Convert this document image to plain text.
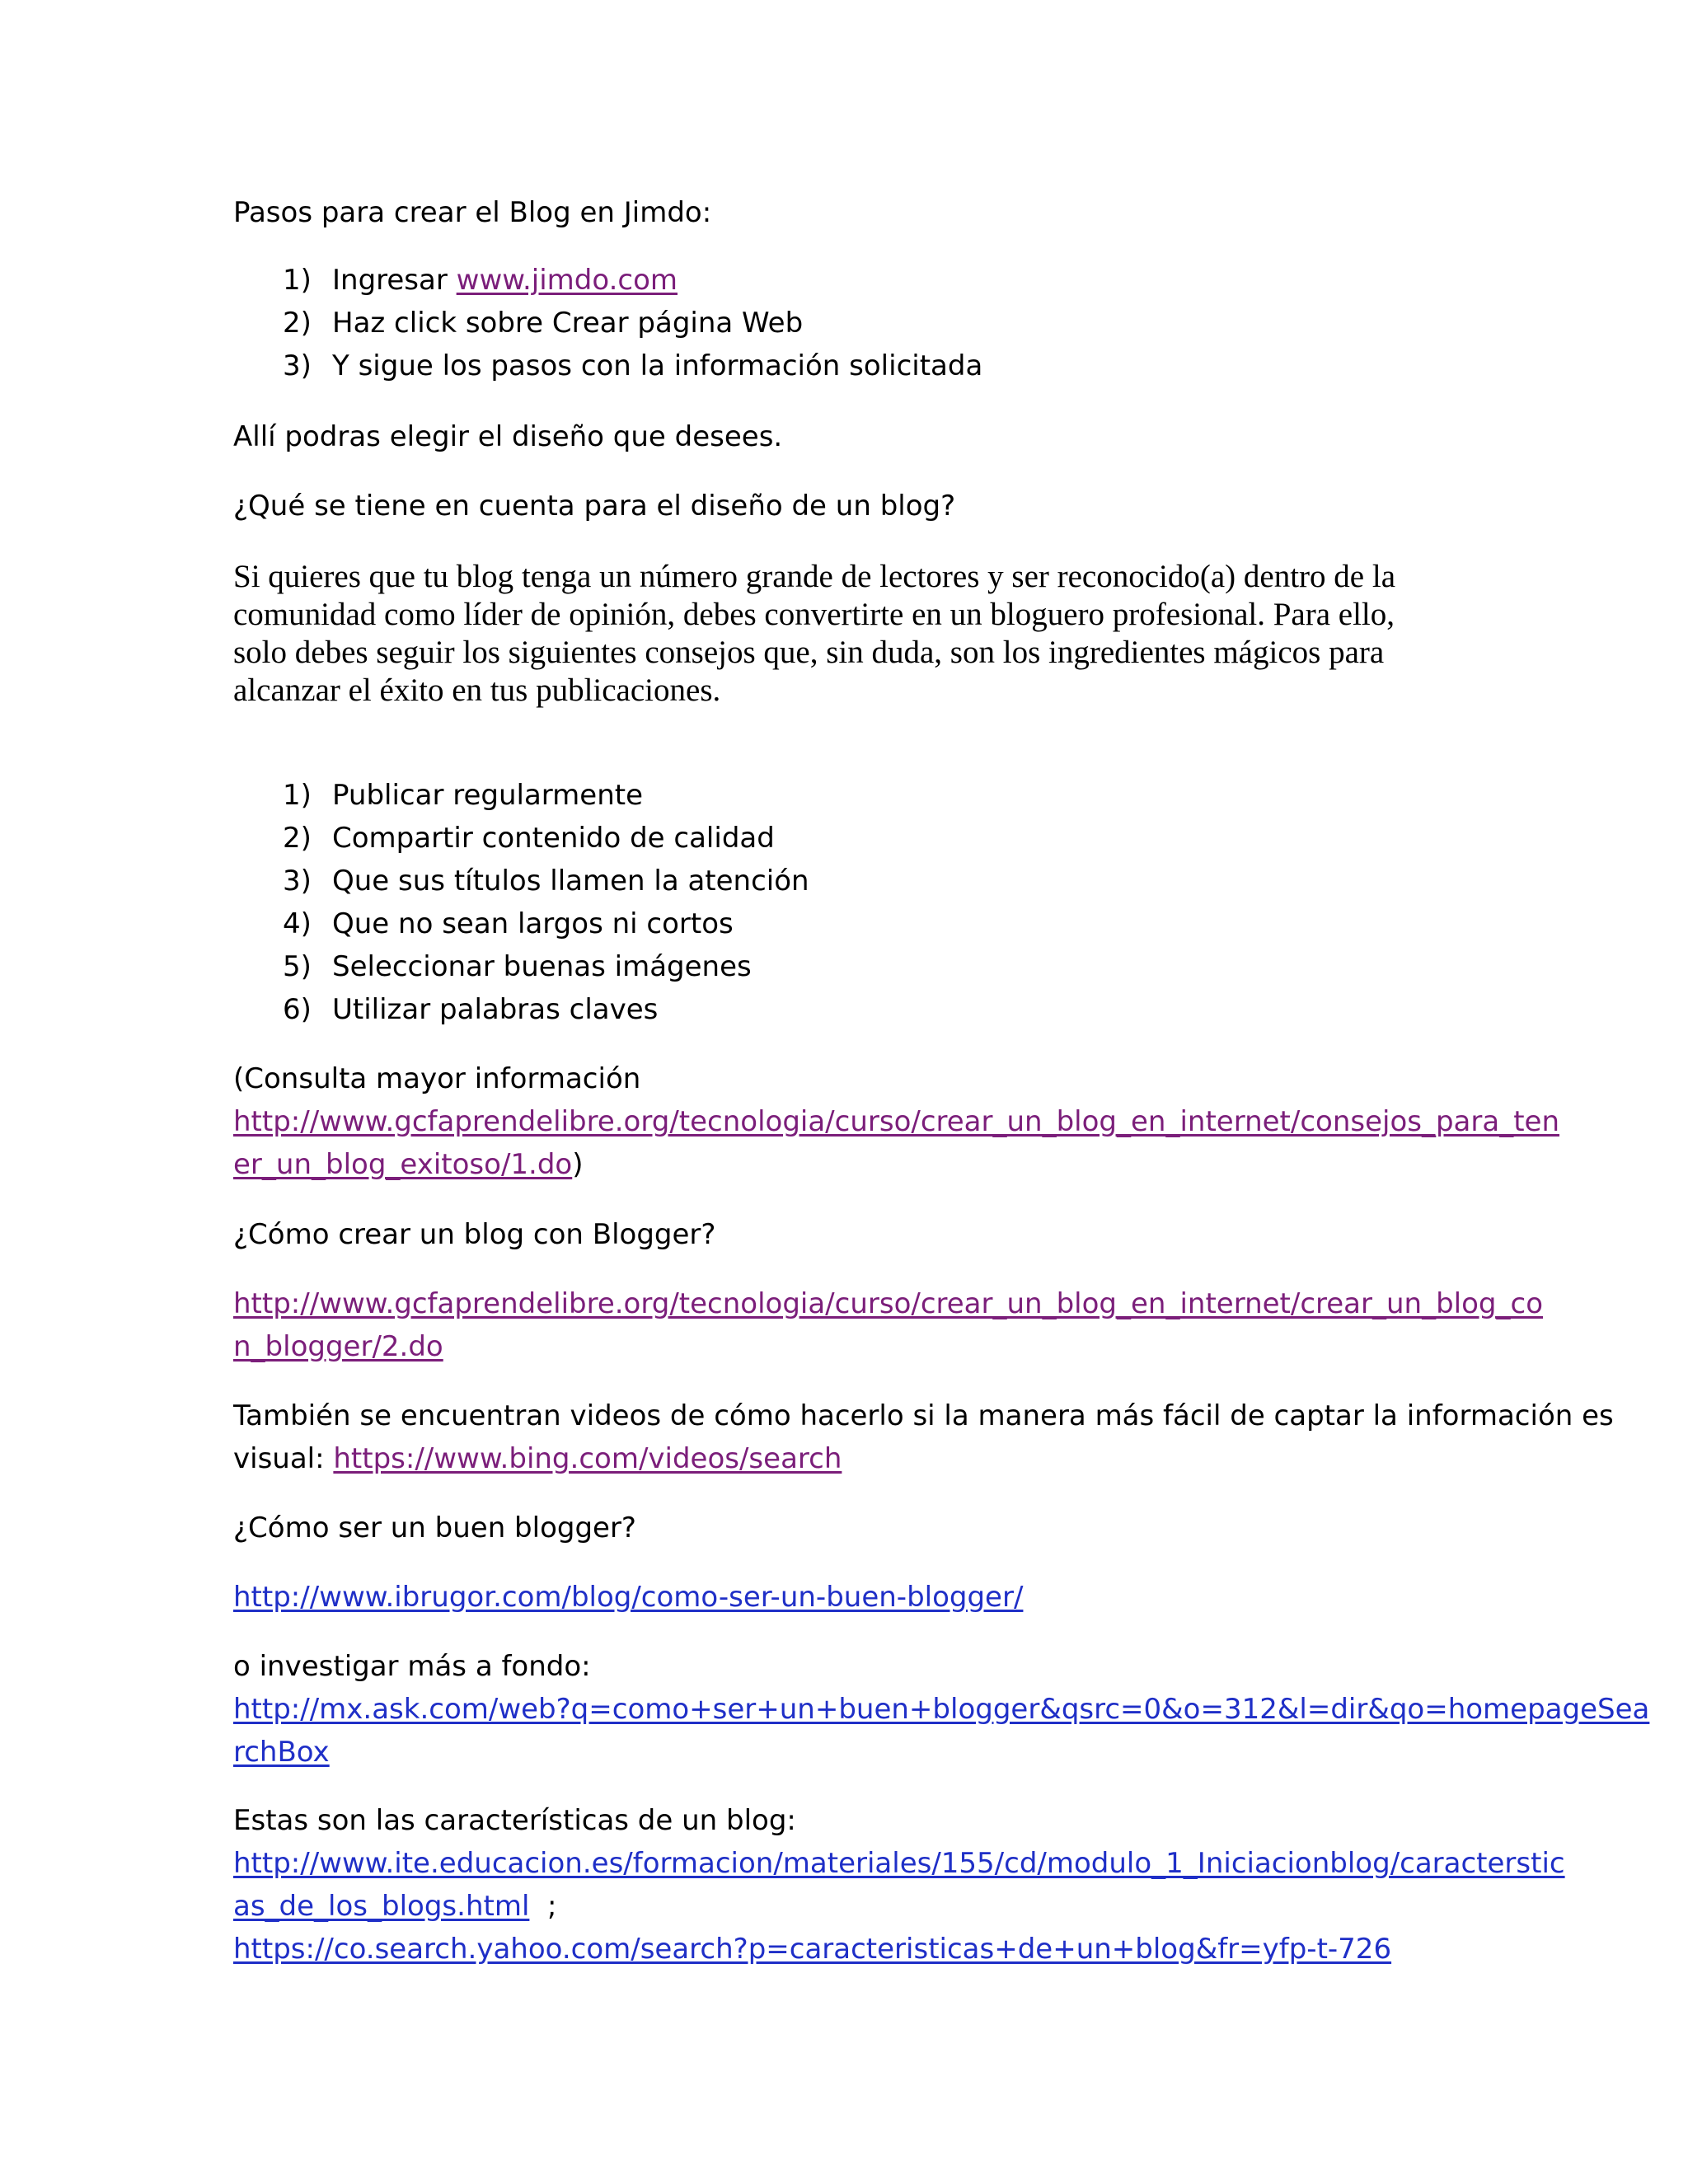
Pasos para crear el Blog en Jimdo:

1) Ingresar www.jimdo.com
2) Haz click sobre Crear página Web
3) Y sigue los pasos con la información solicitada

Allí podras elegir el diseño que desees.

¿Qué se tiene en cuenta para el diseño de un blog?

Si quieres que tu blog tenga un número grande de lectores y ser reconocido(a) dentro de la comunidad como líder de opinión, debes convertirte en un bloguero profesional. Para ello, solo debes seguir los siguientes consejos que, sin duda, son los ingredientes mágicos para alcanzar el éxito en tus publicaciones.

1) Publicar regularmente
2) Compartir contenido de calidad
3) Que sus títulos llamen la atención
4) Que no sean largos ni cortos
5) Seleccionar buenas imágenes
6) Utilizar palabras claves
(Consulta mayor información
http://www.gcfaprendelibre.org/tecnologia/curso/crear_un_blog_en_internet/consejos_para_ten
er_un_blog_exitoso/1.do)

¿Cómo crear un blog con Blogger?

http://www.gcfaprendelibre.org/tecnologia/curso/crear_un_blog_en_internet/crear_un_blog_co
n_blogger/2.do
También se encuentran videos de cómo hacerlo si la manera más fácil de captar la información es
visual: https://www.bing.com/videos/search

¿Cómo ser un buen blogger?

http://www.ibrugor.com/blog/como-ser-un-buen-blogger/
o investigar más a fondo:
http://mx.ask.com/web?q=como+ser+un+buen+blogger&qsrc=0&o=312&l=dir&qo=homepageSea
rchBox
Estas son las características de un blog:
http://www.ite.educacion.es/formacion/materiales/155/cd/modulo_1_Iniciacionblog/caracterstic
as_de_los_blogs.html  ;
https://co.search.yahoo.com/search?p=caracteristicas+de+un+blog&fr=yfp-t-726
